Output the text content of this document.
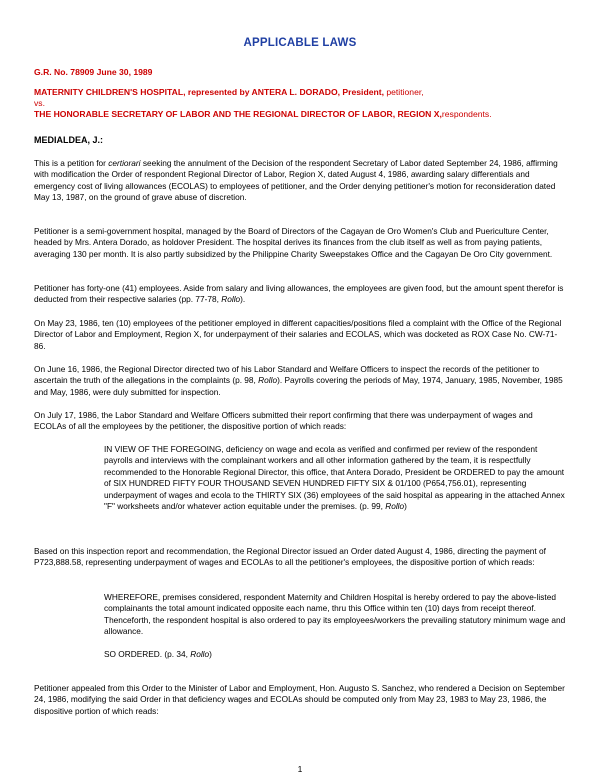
APPLICABLE LAWS
G.R. No. 78909 June 30, 1989
MATERNITY CHILDREN'S HOSPITAL, represented by ANTERA L. DORADO, President, petitioner,
vs.
THE HONORABLE SECRETARY OF LABOR AND THE REGIONAL DIRECTOR OF LABOR, REGION X,respondents.
MEDIALDEA, J.:

This is a petition for certiorari seeking the annulment of the Decision of the respondent Secretary of Labor dated September 24, 1986, affirming with modification the Order of respondent Regional Director of Labor, Region X, dated August 4, 1986, awarding salary differentials and emergency cost of living allowances (ECOLAS) to employees of petitioner, and the Order denying petitioner's motion for reconsideration dated May 13, 1987, on the ground of grave abuse of discretion.

Petitioner is a semi-government hospital, managed by the Board of Directors of the Cagayan de Oro Women's Club and Puericulture Center, headed by Mrs. Antera Dorado, as holdover President. The hospital derives its finances from the club itself as well as from paying patients, averaging 130 per month. It is also partly subsidized by the Philippine Charity Sweepstakes Office and the Cagayan De Oro City government.

Petitioner has forty-one (41) employees. Aside from salary and living allowances, the employees are given food, but the amount spent therefor is deducted from their respective salaries (pp. 77-78, Rollo).

On May 23, 1986, ten (10) employees of the petitioner employed in different capacities/positions filed a complaint with the Office of the Regional Director of Labor and Employment, Region X, for underpayment of their salaries and ECOLAS, which was docketed as ROX Case No. CW-71-86.

On June 16, 1986, the Regional Director directed two of his Labor Standard and Welfare Officers to inspect the records of the petitioner to ascertain the truth of the allegations in the complaints (p. 98, Rollo). Payrolls covering the periods of May, 1974, January, 1985, November, 1985 and May, 1986, were duly submitted for inspection.

On July 17, 1986, the Labor Standard and Welfare Officers submitted their report confirming that there was underpayment of wages and ECOLAs of all the employees by the petitioner, the dispositive portion of which reads:

IN VIEW OF THE FOREGOING, deficiency on wage and ecola as verified and confirmed per review of the respondent payrolls and interviews with the complainant workers and all other information gathered by the team, it is respectfully recommended to the Honorable Regional Director, this office, that Antera Dorado, President be ORDERED to pay the amount of SIX HUNDRED FIFTY FOUR THOUSAND SEVEN HUNDRED FIFTY SIX & 01/100 (P654,756.01), representing underpayment of wages and ecola to the THIRTY SIX (36) employees of the said hospital as appearing in the attached Annex "F" worksheets and/or whatever action equitable under the premises. (p. 99, Rollo)

Based on this inspection report and recommendation, the Regional Director issued an Order dated August 4, 1986, directing the payment of P723,888.58, representing underpayment of wages and ECOLAs to all the petitioner's employees, the dispositive portion of which reads:

WHEREFORE, premises considered, respondent Maternity and Children Hospital is hereby ordered to pay the above-listed complainants the total amount indicated opposite each name, thru this Office within ten (10) days from receipt thereof. Thenceforth, the respondent hospital is also ordered to pay its employees/workers the prevailing statutory minimum wage and allowance.

SO ORDERED. (p. 34, Rollo)

Petitioner appealed from this Order to the Minister of Labor and Employment, Hon. Augusto S. Sanchez, who rendered a Decision on September 24, 1986, modifying the said Order in that deficiency wages and ECOLAs should be computed only from May 23, 1983 to May 23, 1986, the dispositive portion of which reads:

1
